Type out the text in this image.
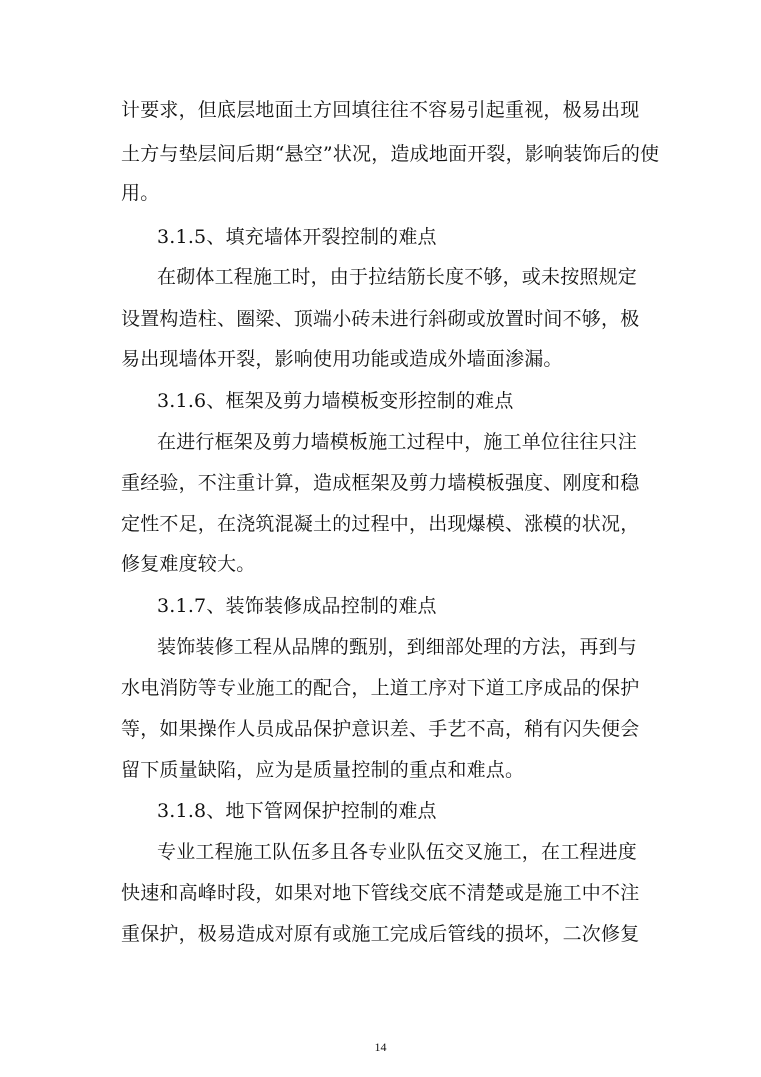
计要求，但底层地面土方回填往往不容易引起重视，极易出现
土方与垫层间后期“悬空”状况，造成地面开裂，影响装饰后的使
用。
3.1.5、填充墙体开裂控制的难点
在砌体工程施工时，由于拉结筋长度不够，或未按照规定
设置构造柱、圈梁、顶端小砖未进行斜砌或放置时间不够，极
易出现墙体开裂，影响使用功能或造成外墙面渗漏。
3.1.6、框架及剪力墙模板变形控制的难点
在进行框架及剪力墙模板施工过程中，施工单位往往只注
重经验，不注重计算，造成框架及剪力墙模板强度、刚度和稳
定性不足，在浇筑混凝土的过程中，出现爆模、涨模的状况，
修复难度较大。
3.1.7、装饰装修成品控制的难点
装饰装修工程从品牌的甄别，到细部处理的方法，再到与
水电消防等专业施工的配合，上道工序对下道工序成品的保护
等，如果操作人员成品保护意识差、手艺不高，稍有闪失便会
留下质量缺陷，应为是质量控制的重点和难点。
3.1.8、地下管网保护控制的难点
专业工程施工队伍多且各专业队伍交叉施工，在工程进度
快速和高峰时段，如果对地下管线交底不清楚或是施工中不注
重保护，极易造成对原有或施工完成后管线的损坏，二次修复
14
